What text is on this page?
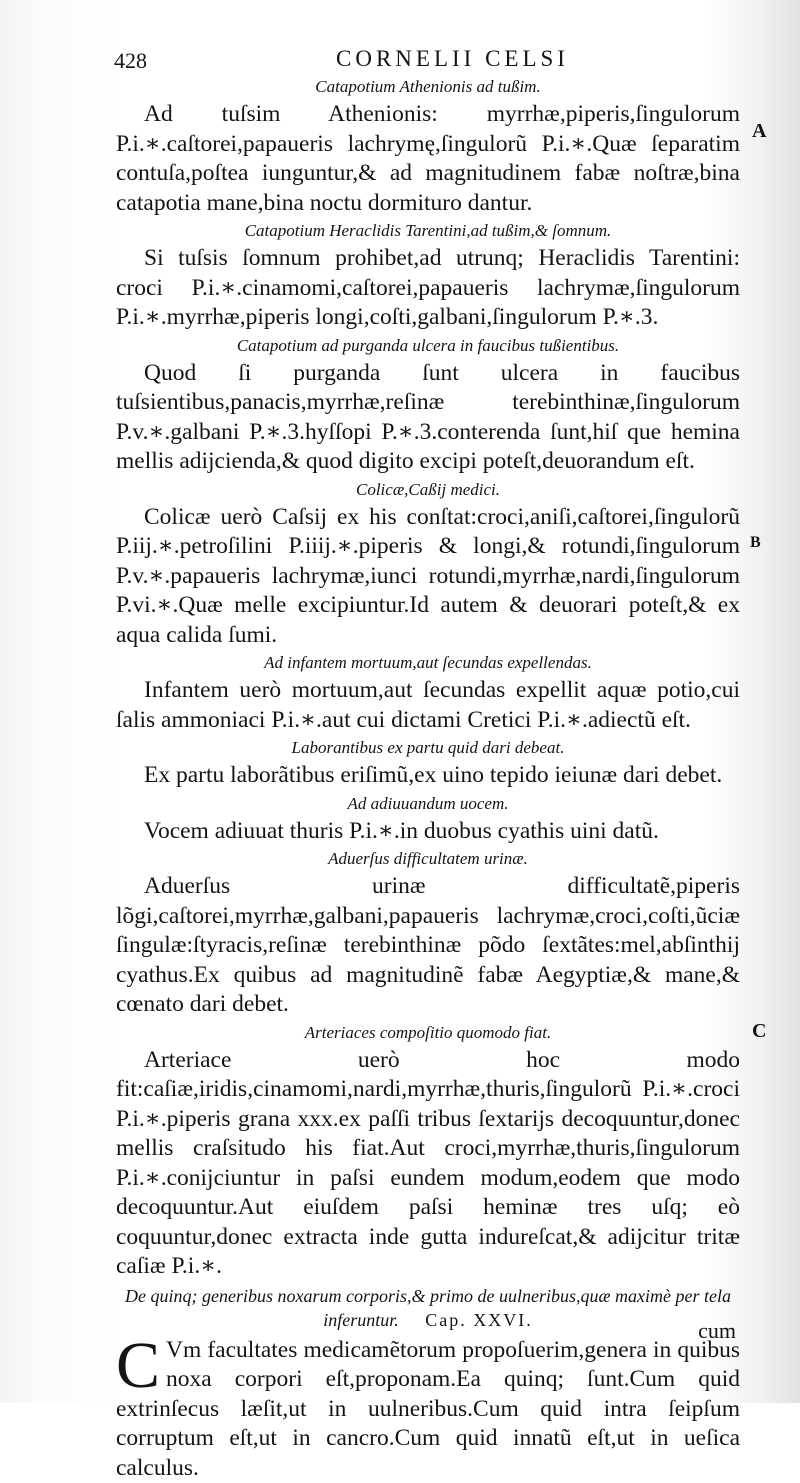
428	CORNELII CELSI
Catapotium Athenionis ad tußim.

Ad tuſsim Athenionis: myrrhæ,piperis,ſingulorum P.i.∗.caſtorei,papaueris lachrymę,ſingulorũ P.i.∗.Quæ ſeparatim contuſa,poſtea iunguntur,& ad magnitudinem fabæ noſtræ,bina catapotia mane,bina noctu dormituro dantur.

Catapotium Heraclidis Tarentini,ad tußim,& ſomnum.

Si tuſsis ſomnum prohibet,ad utrunq; Heraclidis Tarentini: croci P.i.∗.cinamomi,caſtorei,papaueris lachrymæ,ſingulorum P.i.∗.myrrhæ,piperis longi,coſti,galbani,ſingulorum P.∗.3.

Catapotium ad purganda ulcera in faucibus tußientibus.

Quod ſi purganda ſunt ulcera in faucibus tuſsientibus,panacis,myrrhæ,reſinæ terebinthinæ,ſingulorum P.v.∗.galbani P.∗.3.hyſſopi P.∗.3.conterenda ſunt,hiſ que hemina mellis adijcienda,& quod digito excipi poteſt,deuorandum eſt.

Colicæ,Caßij medici.

Colicæ uerò Caſsij ex his conſtat:croci,aniſi,caſtorei,ſingulorũ P.iij.∗.petroſilini P.iiij.∗.piperis & longi,& rotundi,ſingulorum P.v.∗.papaueris lachrymæ,iunci rotundi,myrrhæ,nardi,ſingulorum P.vi.∗.Quæ melle excipiuntur.Id autem & deuorari poteſt,& ex aqua calida ſumi.

Ad infantem mortuum,aut ſecundas expellendas.

Infantem uerò mortuum,aut ſecundas expellit aquæ potio,cui ſalis ammoniaci P.i.∗.aut cui dictami Cretici P.i.∗.adiectũ eſt.

Laborantibus ex partu quid dari debeat.

Ex partu laborãtibus eriſimũ,ex uino tepido ieiunæ dari debet.

Ad adiuuandum uocem.

Vocem adiuuat thuris P.i.∗.in duobus cyathis uini datũ.

Aduerſus difficultatem urinæ.

Aduerſus urinæ difficultatẽ,piperis lõgi,caſtorei,myrrhæ,galbani,papaueris lachrymæ,croci,coſti,ũciæ ſingulæ:ſtyracis,reſinæ terebinthinæ põdo ſextãtes:mel,abſinthij cyathus.Ex quibus ad magnitudinẽ fabæ Aegyptiæ,& mane,& cœnato dari debet.

Arteriaces compoſitio quomodo fiat.

Arteriace uerò hoc modo fit:caſiæ,iridis,cinamomi,nardi,myrrhæ,thuris,ſingulorũ P.i.∗.croci P.i.∗.piperis grana xxx.ex paſſi tribus ſextarijs decoquuntur,donec mellis craſsitudo his fiat.Aut croci,myrrhæ,thuris,ſingulorum P.i.∗.conijciuntur in paſsi eundem modum,eodem que modo decoquuntur.Aut eiuſdem paſsi heminæ tres uſq; eò coquuntur,donec extracta inde gutta indureſcat,& adijcitur tritæ caſiæ P.i.∗.

De quinq; generibus noxarum corporis,& primo de uulneribus,quæ maximè per tela inferuntur. Cap. XXVI.

C Vm facultates medicamẽtorum propoſuerim,genera in quibus noxa corpori eſt,proponam.Ea quinq; ſunt.Cum quid extrinſecus læſit,ut in uulneribus.Cum quid intra ſeipſum corruptum eſt,ut in cancro.Cum quid innatũ eſt,ut in ueſica calculus.

A
B
C
cum
